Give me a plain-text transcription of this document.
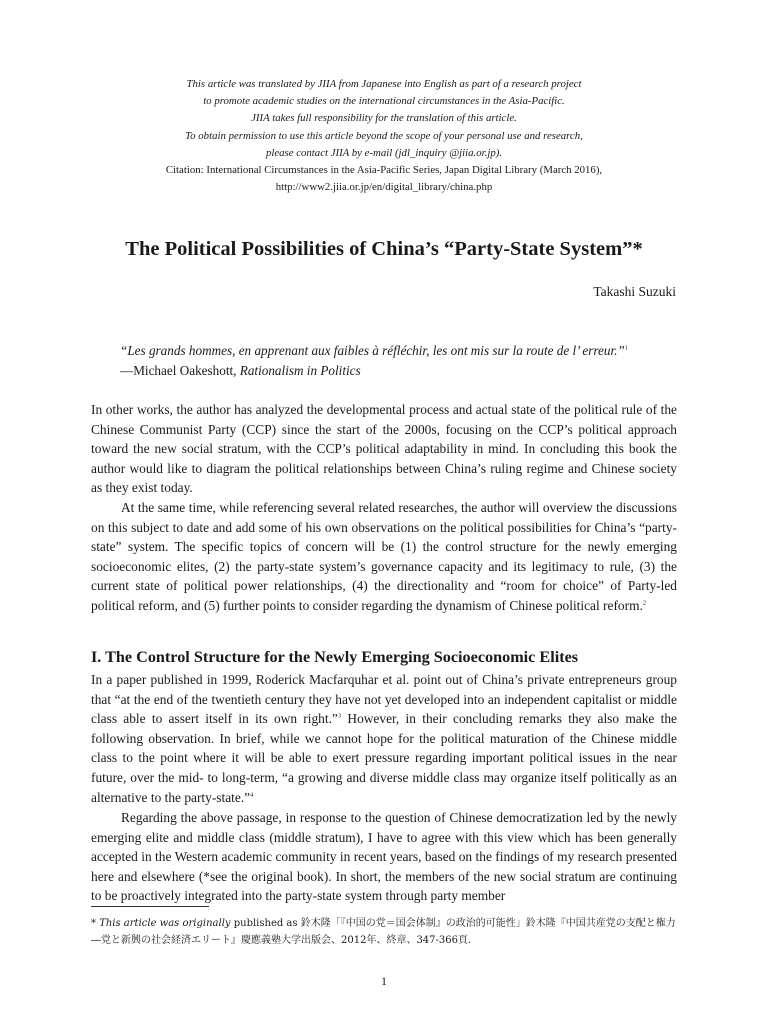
This article was translated by JIIA from Japanese into English as part of a research project
to promote academic studies on the international circumstances in the Asia-Pacific.
JIIA takes full responsibility for the translation of this article.
To obtain permission to use this article beyond the scope of your personal use and research,
please contact JIIA by e-mail (jdl_inquiry @jiia.or.jp).
Citation: International Circumstances in the Asia-Pacific Series, Japan Digital Library (March 2016),
http://www2.jiia.or.jp/en/digital_library/china.php
The Political Possibilities of China’s “Party-State System”*
Takashi Suzuki
“Les grands hommes, en apprenant aux faibles à réfléchir, les ont mis sur la route de l’ erreur.”$^1$
—Michael Oakeshott, Rationalism in Politics

In other works, the author has analyzed the developmental process and actual state of the political rule of the Chinese Communist Party (CCP) since the start of the 2000s, focusing on the CCP’s political approach toward the new social stratum, with the CCP’s political adaptability in mind. In concluding this book the author would like to diagram the political relationships between China’s ruling regime and Chinese society as they exist today.

At the same time, while referencing several related researches, the author will overview the discussions on this subject to date and add some of his own observations on the political possibilities for China’s “party-state” system. The specific topics of concern will be (1) the control structure for the newly emerging socioeconomic elites, (2) the party-state system’s governance capacity and its legitimacy to rule, (3) the current state of political power relationships, (4) the directionality and “room for choice” of Party-led political reform, and (5) further points to consider regarding the dynamism of Chinese political reform.$^2$

I. The Control Structure for the Newly Emerging Socioeconomic Elites

In a paper published in 1999, Roderick Macfarquhar et al. point out of China’s private entrepreneurs group that “at the end of the twentieth century they have not yet developed into an independent capitalist or middle class able to assert itself in its own right.”$^3$ However, in their concluding remarks they also make the following observation. In brief, while we cannot hope for the political maturation of the Chinese middle class to the point where it will be able to exert pressure regarding important political issues in the near future, over the mid- to long-term, “a growing and diverse middle class may organize itself politically as an alternative to the party-state.”$^4$

Regarding the above passage, in response to the question of Chinese democratization led by the newly emerging elite and middle class (middle stratum), I have to agree with this view which has been generally accepted in the Western academic community in recent years, based on the findings of my research presented here and elsewhere (*see the original book). In short, the members of the new social stratum are continuing to be proactively integrated into the party-state system through party member

* This article was originally published as 鈴木隆「『中国の党＝国会体制』の政治的可能性」鈴木隆『中国共産党の支配と権力―党と新興の社会経済エリート』慶應義塾大学出版会、2012年、終章、347-366頁.
1
